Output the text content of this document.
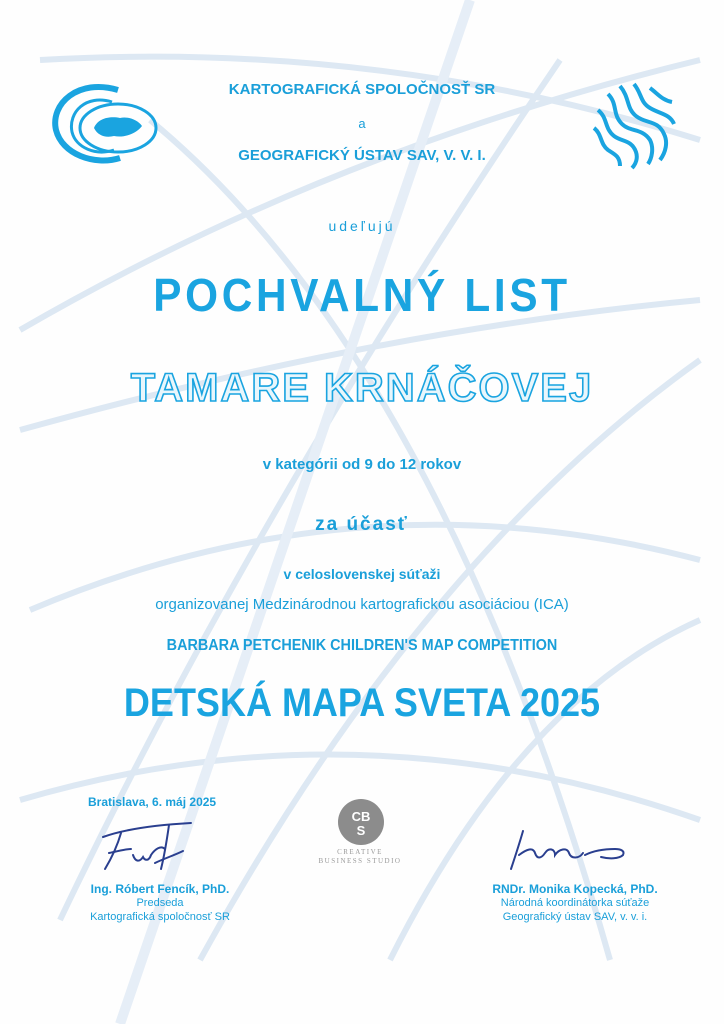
KARTOGRAFICKÁ SPOLOČNOSŤ SR
a
GEOGRAFICKÝ ÚSTAV SAV, V. V. I.
udeľujú
POCHVALNÝ LIST
TAMARE KRNÁČOVEJ
v kategórii od 9 do 12 rokov
za účasť
v celoslovenskej súťaži
organizovanej Medzinárodnou kartografickou asociáciou (ICA)
BARBARA PETCHENIK CHILDREN'S MAP COMPETITION
DETSKÁ MAPA SVETA 2025
Bratislava, 6. máj 2025
CB
S
CREATIVE
BUSINESS STUDIO
Ing. Róbert Fencík, PhD.
Predseda
Kartografická spoločnosť SR
RNDr. Monika Kopecká, PhD.
Národná koordinátorka súťaže
Geografický ústav SAV, v. v. i.
